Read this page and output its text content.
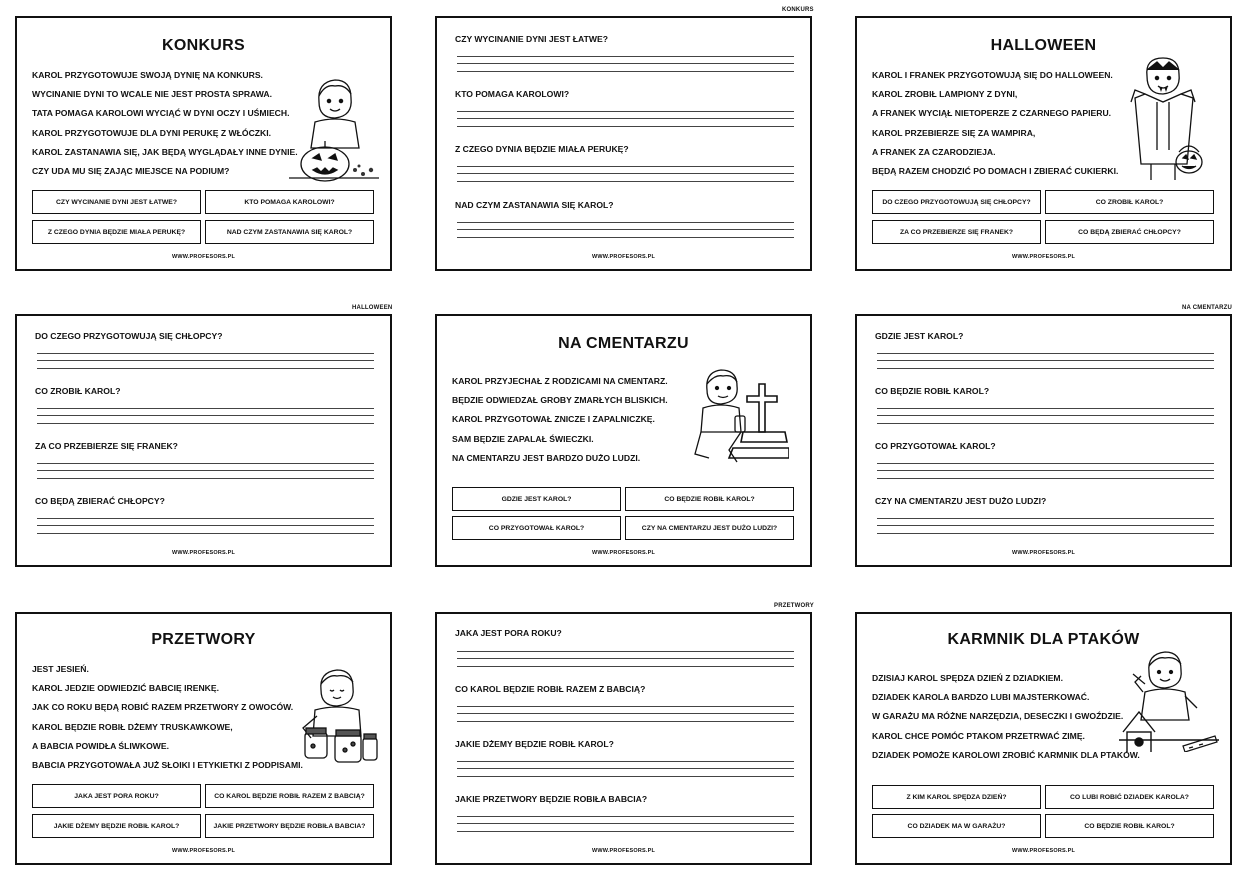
KONKURS
KAROL PRZYGOTOWUJE SWOJĄ DYNIĘ NA KONKURS.
WYCINANIE DYNI TO WCALE NIE JEST PROSTA SPRAWA.
TATA POMAGA KAROLOWI WYCIĄĆ W DYNI OCZY I UŚMIECH.
KAROL PRZYGOTOWUJE DLA DYNI PERUKĘ Z WŁÓCZKI.
KAROL ZASTANAWIA SIĘ, JAK BĘDĄ WYGLĄDAŁY INNE DYNIE.
CZY UDA MU SIĘ ZAJĄC MIEJSCE NA PODIUM?
CZY WYCINANIE DYNI JEST ŁATWE?	KTO POMAGA KAROLOWI?
Z CZEGO DYNIA BĘDZIE MIAŁA PERUKĘ?	NAD CZYM ZASTANAWIA SIĘ KAROL?
WWW.PROFESORS.PL
KONKURS
CZY WYCINANIE DYNI JEST ŁATWE?
KTO POMAGA KAROLOWI?
Z CZEGO DYNIA BĘDZIE MIAŁA PERUKĘ?
NAD CZYM ZASTANAWIA SIĘ KAROL?
WWW.PROFESORS.PL
HALLOWEEN
KAROL I FRANEK PRZYGOTOWUJĄ SIĘ DO HALLOWEEN.
KAROL ZROBIŁ LAMPIONY Z DYNI,
A FRANEK WYCIĄŁ NIETOPERZE Z CZARNEGO PAPIERU.
KAROL PRZEBIERZE SIĘ ZA WAMPIRA,
A FRANEK ZA CZARODZIEJA.
BĘDĄ RAZEM CHODZIĆ PO DOMACH I ZBIERAĆ CUKIERKI.
DO CZEGO PRZYGOTOWUJĄ SIĘ CHŁOPCY?	CO ZROBIŁ KAROL?
ZA CO PRZEBIERZE SIĘ FRANEK?	CO BĘDĄ ZBIERAĆ CHŁOPCY?
WWW.PROFESORS.PL
HALLOWEEN
DO CZEGO PRZYGOTOWUJĄ SIĘ CHŁOPCY?
CO ZROBIŁ KAROL?
ZA CO PRZEBIERZE SIĘ FRANEK?
CO BĘDĄ ZBIERAĆ CHŁOPCY?
WWW.PROFESORS.PL
NA CMENTARZU
KAROL PRZYJECHAŁ Z RODZICAMI NA CMENTARZ.
BĘDZIE ODWIEDZAŁ GROBY ZMARŁYCH BLISKICH.
KAROL PRZYGOTOWAŁ ZNICZE I ZAPALNICZKĘ.
SAM BĘDZIE ZAPALAŁ ŚWIECZKI.
NA CMENTARZU JEST BARDZO DUŻO LUDZI.
GDZIE JEST KAROL?	CO BĘDZIE ROBIŁ KAROL?
CO PRZYGOTOWAŁ KAROL?	CZY NA CMENTARZU JEST DUŻO LUDZI?
WWW.PROFESORS.PL
NA CMENTARZU
GDZIE JEST KAROL?
CO BĘDZIE ROBIŁ KAROL?
CO PRZYGOTOWAŁ KAROL?
CZY NA CMENTARZU JEST DUŻO LUDZI?
WWW.PROFESORS.PL
PRZETWORY
JEST JESIEŃ.
KAROL JEDZIE ODWIEDZIĆ BABCIĘ IRENKĘ.
JAK CO ROKU BĘDĄ ROBIĆ RAZEM PRZETWORY Z OWOCÓW.
KAROL BĘDZIE ROBIŁ DŻEMY TRUSKAWKOWE,
A BABCIA POWIDŁA ŚLIWKOWE.
BABCIA PRZYGOTOWAŁA JUŻ SŁOIKI I ETYKIETKI Z PODPISAMI.
JAKA JEST PORA ROKU?	CO KAROL BĘDZIE ROBIŁ RAZEM Z BABCIĄ?
JAKIE DŻEMY BĘDZIE ROBIŁ KAROL?	JAKIE PRZETWORY BĘDZIE ROBIŁA BABCIA?
WWW.PROFESORS.PL
PRZETWORY
JAKA JEST PORA ROKU?
CO KAROL BĘDZIE ROBIŁ RAZEM Z BABCIĄ?
JAKIE DŻEMY BĘDZIE ROBIŁ KAROL?
JAKIE PRZETWORY BĘDZIE ROBIŁA BABCIA?
WWW.PROFESORS.PL
KARMNIK DLA PTAKÓW
DZISIAJ KAROL SPĘDZA DZIEŃ Z DZIADKIEM.
DZIADEK KAROLA BARDZO LUBI MAJSTERKOWAĆ.
W GARAŻU MA RÓŻNE NARZĘDZIA, DESECZKI I GWOŹDZIE.
KAROL CHCE POMÓC PTAKOM PRZETRWAĆ ZIMĘ.
DZIADEK POMOŻE KAROLOWI ZROBIĆ KARMNIK DLA PTAKÓW.
Z KIM KAROL SPĘDZA DZIEŃ?	CO LUBI ROBIĆ DZIADEK KAROLA?
CO DZIADEK MA W GARAŻU?	CO BĘDZIE ROBIŁ KAROL?
WWW.PROFESORS.PL
